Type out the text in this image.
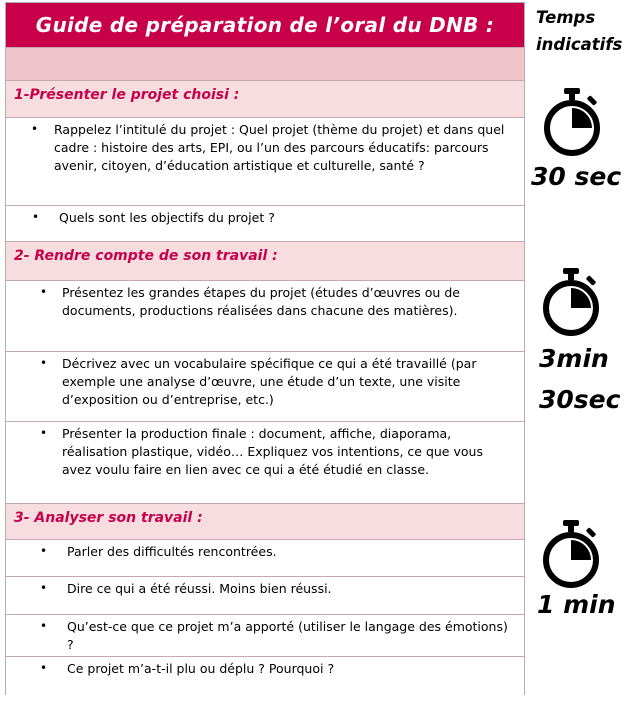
Guide de préparation de l’oral du DNB :
1-Présenter le projet choisi :
• Rappelez l’intitulé du projet : Quel projet (thème du projet) et dans quel cadre : histoire des arts, EPI, ou l’un des parcours éducatifs: parcours avenir, citoyen, d’éducation artistique et culturelle, santé ?
• Quels sont les objectifs du projet ?
2- Rendre compte de son travail :
• Présentez les grandes étapes du projet (études d’œuvres ou de documents, productions réalisées dans chacune des matières).
• Décrivez avec un vocabulaire spécifique ce qui a été travaillé (par exemple une analyse d’œuvre, une étude d’un texte, une visite d’exposition ou d’entreprise, etc.)
• Présenter la production finale : document, affiche, diaporama, réalisation plastique, vidéo… Expliquez vos intentions, ce que vous avez voulu faire en lien avec ce qui a été étudié en classe.
3- Analyser son travail :
• Parler des difficultés rencontrées.
• Dire ce qui a été réussi. Moins bien réussi.
• Qu’est-ce que ce projet m’a apporté (utiliser le langage des émotions) ?
• Ce projet m’a-t-il plu ou déplu ? Pourquoi ?
Temps
indicatifs
30 sec
3min
30sec
1 min
